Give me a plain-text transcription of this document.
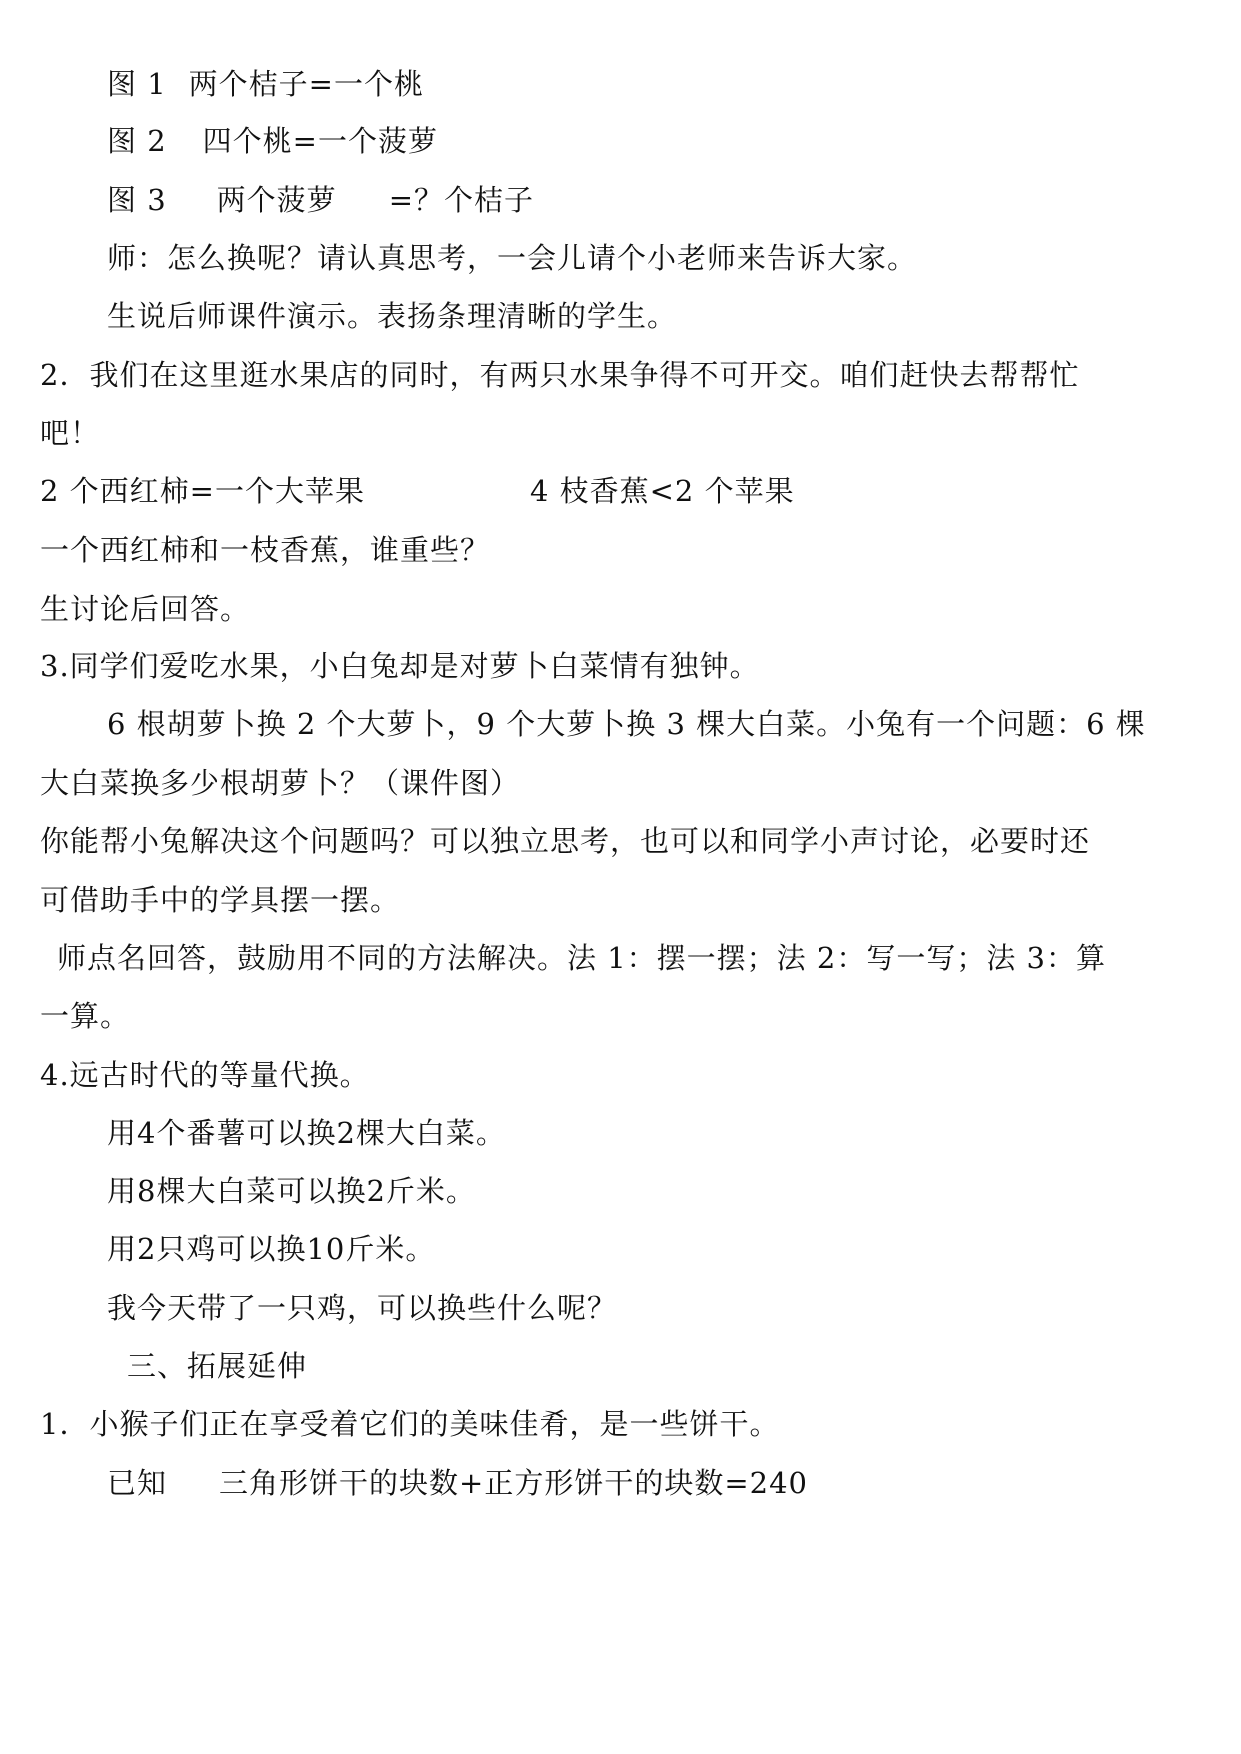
图 1 两个桔子=一个桃
图 2 四个桃=一个菠萝
图 3 两个菠萝 =？个桔子
师：怎么换呢？请认真思考，一会儿请个小老师来告诉大家。
生说后师课件演示。表扬条理清晰的学生。
2．我们在这里逛水果店的同时，有两只水果争得不可开交。咱们赶快去帮帮忙
吧！
2 个西红柿=一个大苹果	4 枝香蕉<2 个苹果
一个西红柿和一枝香蕉，谁重些？
生讨论后回答。
3.同学们爱吃水果，小白兔却是对萝卜白菜情有独钟。
6 根胡萝卜换 2 个大萝卜，9 个大萝卜换 3 棵大白菜。小兔有一个问题：6 棵
大白菜换多少根胡萝卜？（课件图）
你能帮小兔解决这个问题吗？可以独立思考，也可以和同学小声讨论，必要时还
可借助手中的学具摆一摆。
师点名回答，鼓励用不同的方法解决。法 1：摆一摆；法 2：写一写；法 3：算
一算。
4.远古时代的等量代换。
用4个番薯可以换2棵大白菜。
用8棵大白菜可以换2斤米。
用2只鸡可以换10斤米。
我今天带了一只鸡，可以换些什么呢？
三、拓展延伸
1．小猴子们正在享受着它们的美味佳肴，是一些饼干。
已知 三角形饼干的块数+正方形饼干的块数=240
